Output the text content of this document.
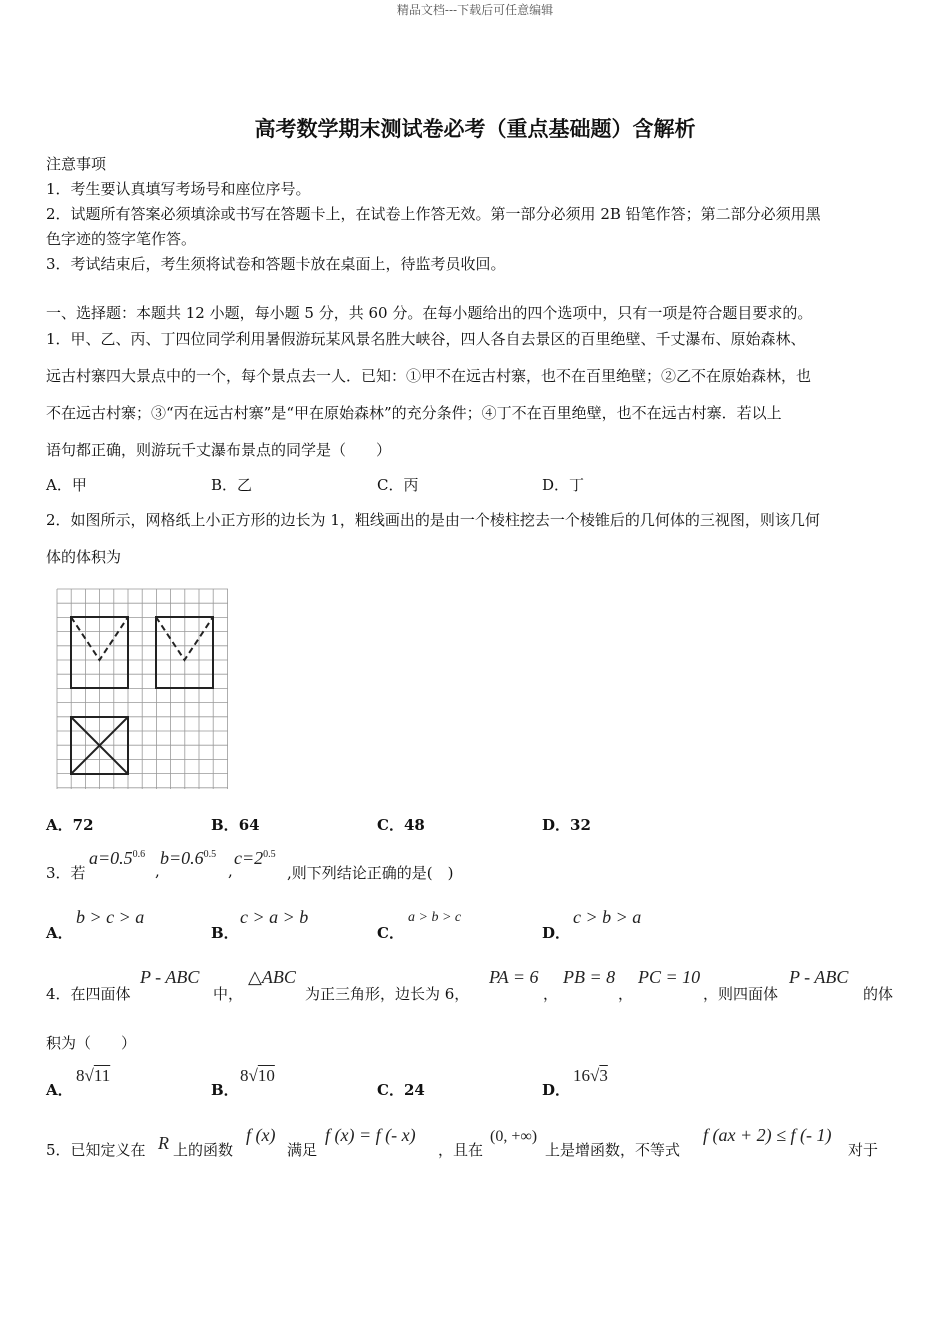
精品文档---下载后可任意编辑
高考数学期末测试卷必考（重点基础题）含解析
注意事项
1．考生要认真填写考场号和座位序号。
2．试题所有答案必须填涂或书写在答题卡上，在试卷上作答无效。第一部分必须用 2B 铅笔作答；第二部分必须用黑
色字迹的签字笔作答。
3．考试结束后，考生须将试卷和答题卡放在桌面上，待监考员收回。
一、选择题：本题共 12 小题，每小题 5 分，共 60 分。在每小题给出的四个选项中，只有一项是符合题目要求的。
1．甲、乙、丙、丁四位同学利用暑假游玩某风景名胜大峡谷，四人各自去景区的百里绝壁、千丈瀑布、原始森林、
远古村寨四大景点中的一个，每个景点去一人．已知：①甲不在远古村寨，也不在百里绝壁；②乙不在原始森林，也
不在远古村寨；③“丙在远古村寨”是“甲在原始森林”的充分条件；④丁不在百里绝壁，也不在远古村寨．若以上
语句都正确，则游玩千丈瀑布景点的同学是（　　）
A．甲	B．乙	C．丙	D．丁
2．如图所示，网格纸上小正方形的边长为 1，粗线画出的是由一个棱柱挖去一个棱锥后的几何体的三视图，则该几何
体的体积为
A．72	B．64	C．48	D．32
3．若
$a=0.5^{0.6}$
,
$b=0.6^{0.5}$
,
$c=2^{0.5}$
,则下列结论正确的是(　)
A．
b > c > a
B．
c > a > b
C．
a > b > c
D．
c > b > a
4．在四面体
P - ABC
中，
△ABC
为正三角形，边长为 6，
PA = 6
，
PB = 8
，
PC = 10
，则四面体
P - ABC
的体
积为（　　）
A．
8√11
B．
8√10
C．24	D．
16√3
5．已知定义在 R 上的函数
f (x)
满足
f (x) = f (- x)
，且在
(0, +∞)
上是增函数，不等式
f (ax + 2) ≤ f (- 1)
对于
